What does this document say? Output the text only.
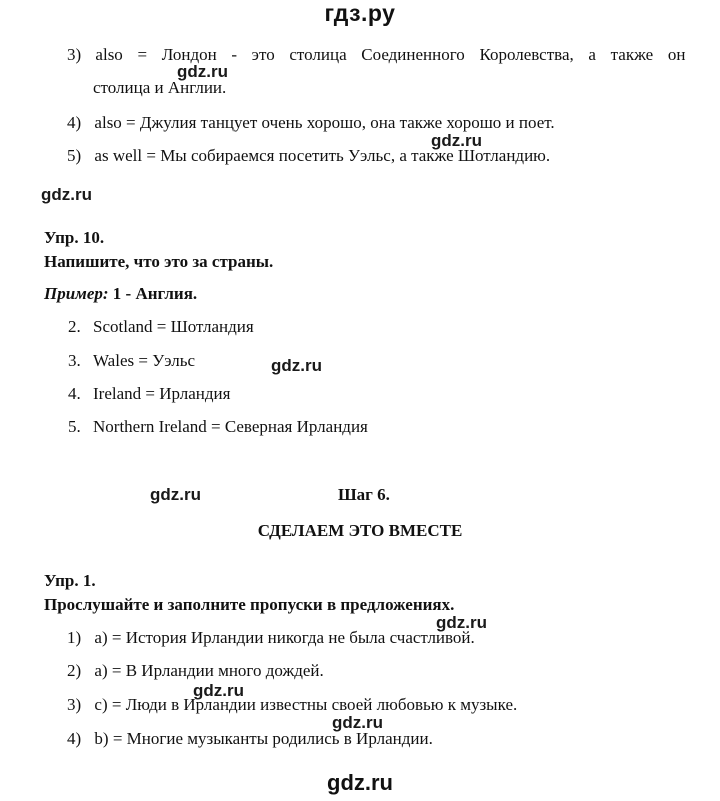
гдз.ру
3) also = Лондон - это столица Соединенного Королевства, а также он
столица и Англии.
4) also = Джулия танцует очень хорошо, она также хорошо и поет.
5) as well = Мы собираемся посетить Уэльс, а также Шотландию.
Упр. 10.
Напишите, что это за страны.
Пример: 1 - Англия.
2. Scotland = Шотландия
3. Wales = Уэльс
4. Ireland = Ирландия
5. Northern Ireland = Северная Ирландия
Шаг 6.
СДЕЛАЕМ ЭТО ВМЕСТЕ
Упр. 1.
Прослушайте и заполните пропуски в предложениях.
1) a) = История Ирландии никогда не была счастливой.
2) a) = В Ирландии много дождей.
3) c) = Люди в Ирландии известны своей любовью к музыке.
4) b) = Многие музыканты родились в Ирландии.
gdz.ru
gdz.ru
gdz.ru
gdz.ru
gdz.ru
gdz.ru
gdz.ru
gdz.ru
gdz.ru
